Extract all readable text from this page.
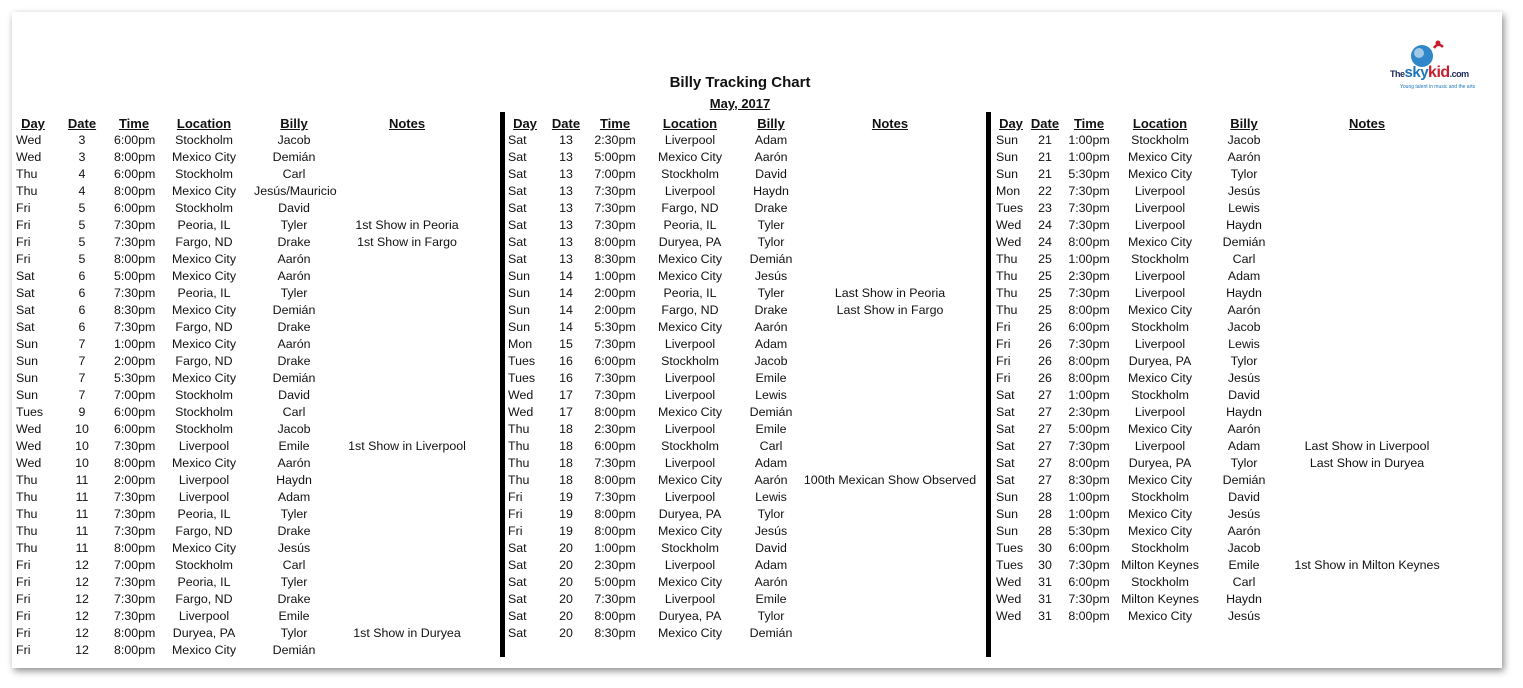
Billy Tracking Chart
May, 2017
Theskykid.com
Young talent in music and the arts
Day	Date	Time	Location	Billy	Notes
Wed	3	6:00pm	Stockholm	Jacob	
Wed	3	8:00pm	Mexico City	Demián	
Thu	4	6:00pm	Stockholm	Carl	
Thu	4	8:00pm	Mexico City	Jesús/Mauricio	
Fri	5	6:00pm	Stockholm	David	
Fri	5	7:30pm	Peoria, IL	Tyler	1st Show in Peoria
Fri	5	7:30pm	Fargo, ND	Drake	1st Show in Fargo
Fri	5	8:00pm	Mexico City	Aarón	
Sat	6	5:00pm	Mexico City	Aarón	
Sat	6	7:30pm	Peoria, IL	Tyler	
Sat	6	8:30pm	Mexico City	Demián	
Sat	6	7:30pm	Fargo, ND	Drake	
Sun	7	1:00pm	Mexico City	Aarón	
Sun	7	2:00pm	Fargo, ND	Drake	
Sun	7	5:30pm	Mexico City	Demián	
Sun	7	7:00pm	Stockholm	David	
Tues	9	6:00pm	Stockholm	Carl	
Wed	10	6:00pm	Stockholm	Jacob	
Wed	10	7:30pm	Liverpool	Emile	1st Show in Liverpool
Wed	10	8:00pm	Mexico City	Aarón	
Thu	11	2:00pm	Liverpool	Haydn	
Thu	11	7:30pm	Liverpool	Adam	
Thu	11	7:30pm	Peoria, IL	Tyler	
Thu	11	7:30pm	Fargo, ND	Drake	
Thu	11	8:00pm	Mexico City	Jesús	
Fri	12	7:00pm	Stockholm	Carl	
Fri	12	7:30pm	Peoria, IL	Tyler	
Fri	12	7:30pm	Fargo, ND	Drake	
Fri	12	7:30pm	Liverpool	Emile	
Fri	12	8:00pm	Duryea, PA	Tylor	1st Show in Duryea
Fri	12	8:00pm	Mexico City	Demián	
Day	Date	Time	Location	Billy	Notes
Sat	13	2:30pm	Liverpool	Adam	
Sat	13	5:00pm	Mexico City	Aarón	
Sat	13	7:00pm	Stockholm	David	
Sat	13	7:30pm	Liverpool	Haydn	
Sat	13	7:30pm	Fargo, ND	Drake	
Sat	13	7:30pm	Peoria, IL	Tyler	
Sat	13	8:00pm	Duryea, PA	Tylor	
Sat	13	8:30pm	Mexico City	Demián	
Sun	14	1:00pm	Mexico City	Jesús	
Sun	14	2:00pm	Peoria, IL	Tyler	Last Show in Peoria
Sun	14	2:00pm	Fargo, ND	Drake	Last Show in Fargo
Sun	14	5:30pm	Mexico City	Aarón	
Mon	15	7:30pm	Liverpool	Adam	
Tues	16	6:00pm	Stockholm	Jacob	
Tues	16	7:30pm	Liverpool	Emile	
Wed	17	7:30pm	Liverpool	Lewis	
Wed	17	8:00pm	Mexico City	Demián	
Thu	18	2:30pm	Liverpool	Emile	
Thu	18	6:00pm	Stockholm	Carl	
Thu	18	7:30pm	Liverpool	Adam	
Thu	18	8:00pm	Mexico City	Aarón	100th Mexican Show Observed
Fri	19	7:30pm	Liverpool	Lewis	
Fri	19	8:00pm	Duryea, PA	Tylor	
Fri	19	8:00pm	Mexico City	Jesús	
Sat	20	1:00pm	Stockholm	David	
Sat	20	2:30pm	Liverpool	Adam	
Sat	20	5:00pm	Mexico City	Aarón	
Sat	20	7:30pm	Liverpool	Emile	
Sat	20	8:00pm	Duryea, PA	Tylor	
Sat	20	8:30pm	Mexico City	Demián	
Day	Date	Time	Location	Billy	Notes
Sun	21	1:00pm	Stockholm	Jacob	
Sun	21	1:00pm	Mexico City	Aarón	
Sun	21	5:30pm	Mexico City	Tylor	
Mon	22	7:30pm	Liverpool	Jesús	
Tues	23	7:30pm	Liverpool	Lewis	
Wed	24	7:30pm	Liverpool	Haydn	
Wed	24	8:00pm	Mexico City	Demián	
Thu	25	1:00pm	Stockholm	Carl	
Thu	25	2:30pm	Liverpool	Adam	
Thu	25	7:30pm	Liverpool	Haydn	
Thu	25	8:00pm	Mexico City	Aarón	
Fri	26	6:00pm	Stockholm	Jacob	
Fri	26	7:30pm	Liverpool	Lewis	
Fri	26	8:00pm	Duryea, PA	Tylor	
Fri	26	8:00pm	Mexico City	Jesús	
Sat	27	1:00pm	Stockholm	David	
Sat	27	2:30pm	Liverpool	Haydn	
Sat	27	5:00pm	Mexico City	Aarón	
Sat	27	7:30pm	Liverpool	Adam	Last Show in Liverpool
Sat	27	8:00pm	Duryea, PA	Tylor	Last Show in Duryea
Sat	27	8:30pm	Mexico City	Demián	
Sun	28	1:00pm	Stockholm	David	
Sun	28	1:00pm	Mexico City	Jesús	
Sun	28	5:30pm	Mexico City	Aarón	
Tues	30	6:00pm	Stockholm	Jacob	
Tues	30	7:30pm	Milton Keynes	Emile	1st Show in Milton Keynes
Wed	31	6:00pm	Stockholm	Carl	
Wed	31	7:30pm	Milton Keynes	Haydn	
Wed	31	8:00pm	Mexico City	Jesús	
